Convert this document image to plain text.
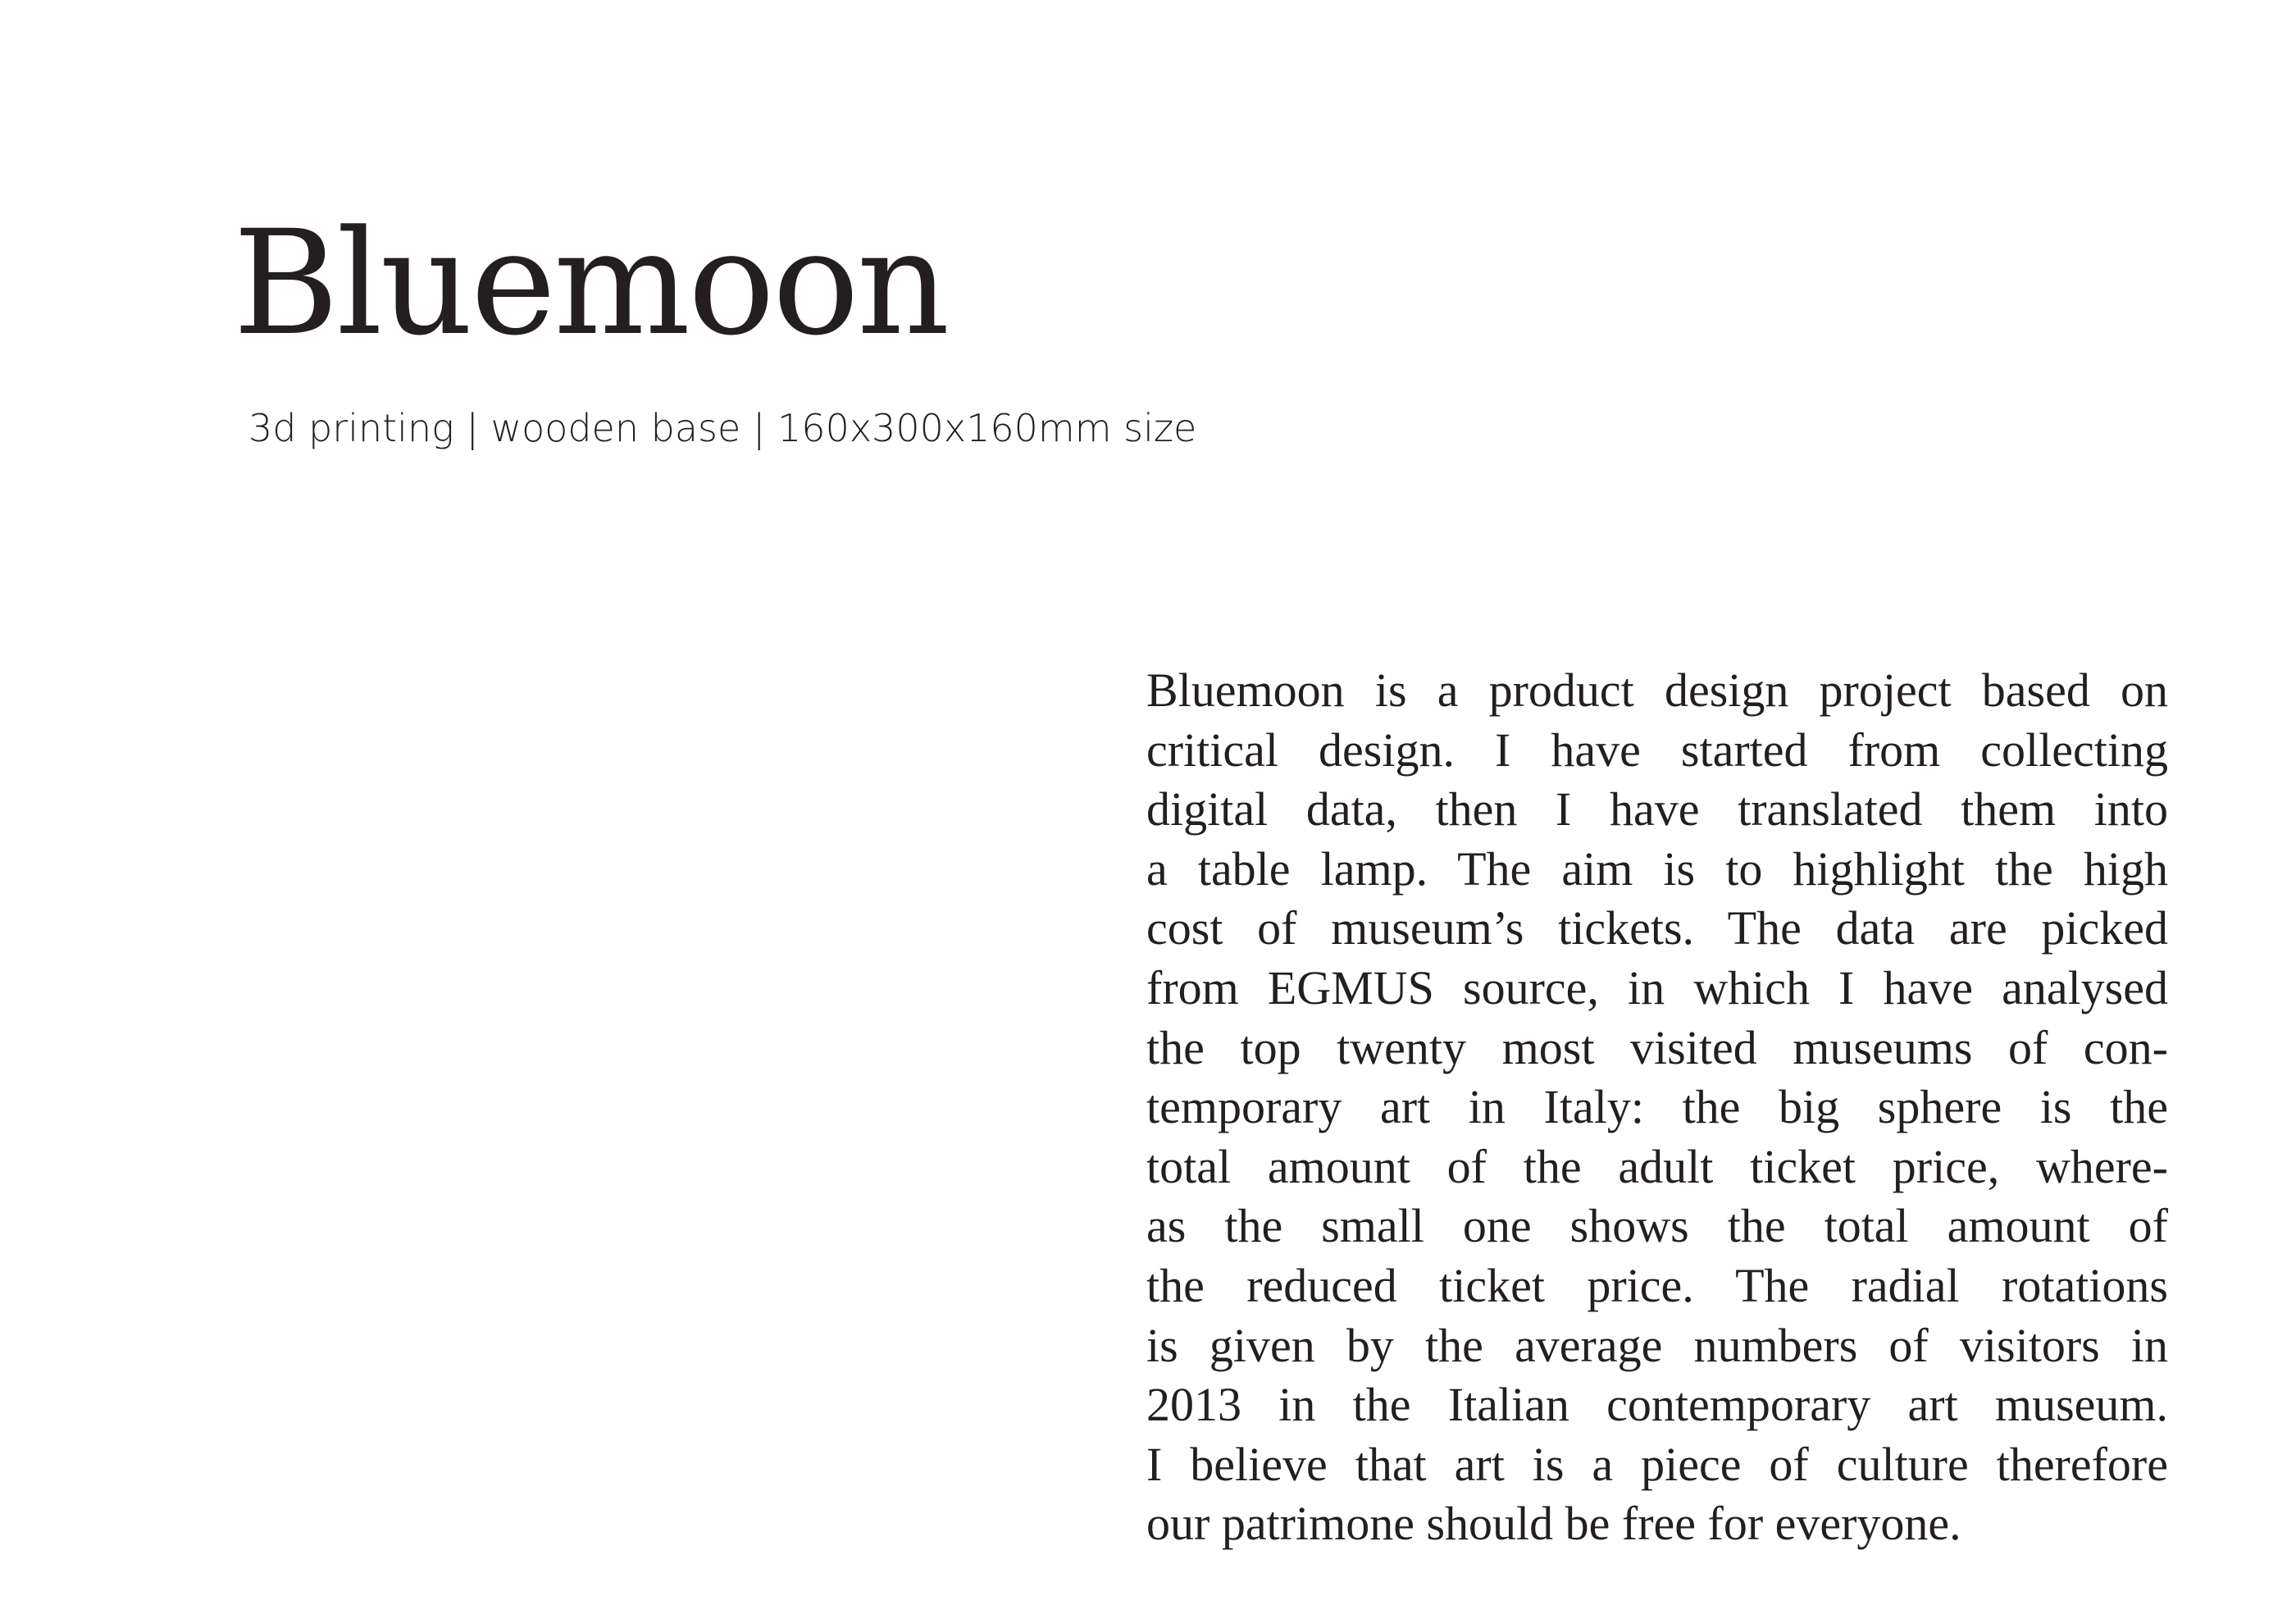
Bluemoon

3d printing | wooden base | 160x300x160mm size

Bluemoon is a product design project based on
critical design. I have started from collecting
digital data, then I have translated them into
a table lamp. The aim is to highlight the high
cost of museum’s tickets. The data are picked
from EGMUS source, in which I have analysed
the top twenty most visited museums of con-
temporary art in Italy: the big sphere is the
total amount of the adult ticket price, where-
as the small one shows the total amount of
the reduced ticket price. The radial rotations
is given by the average numbers of visitors in
2013 in the Italian contemporary art museum.
I believe that art is a piece of culture therefore
our patrimone should be free for everyone.
